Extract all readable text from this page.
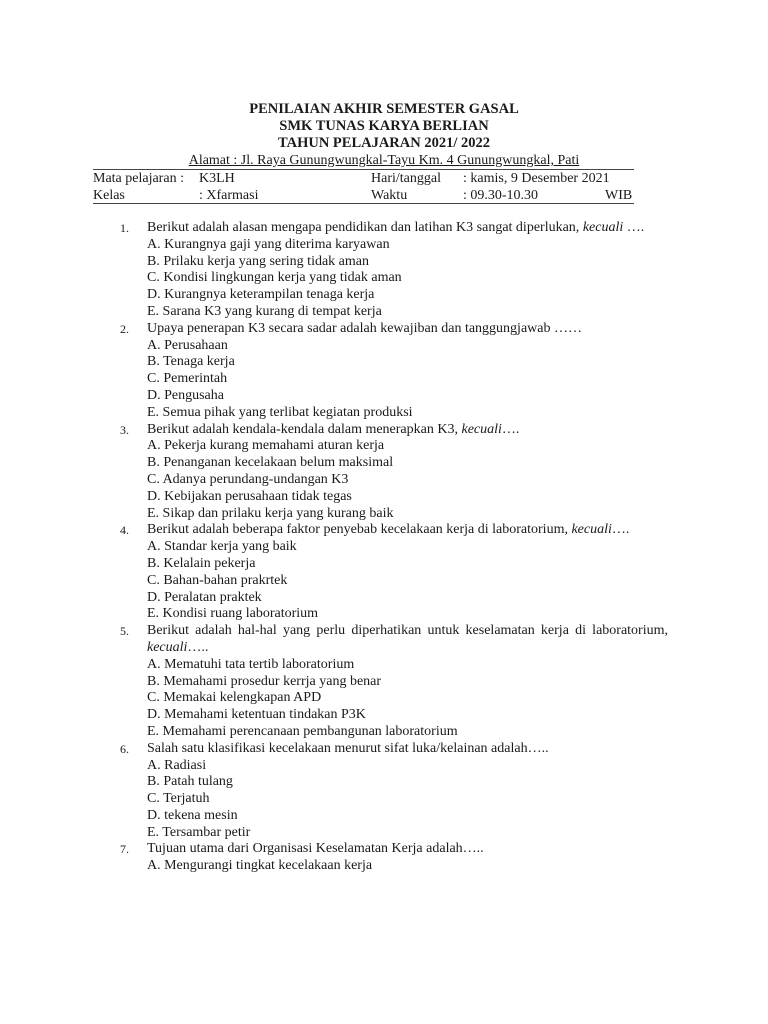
PENILAIAN AKHIR SEMESTER GASAL
SMK TUNAS KARYA BERLIAN
TAHUN PELAJARAN 2021/ 2022
Alamat : Jl. Raya Gunungwungkal-Tayu Km. 4 Gunungwungkal, Pati
Mata pelajaran : K3LH	Hari/tanggal : kamis, 9 Desember 2021
Kelas	: Xfarmasi	Waktu	: 09.30-10.30	WIB
1. Berikut adalah alasan mengapa pendidikan dan latihan K3 sangat diperlukan, kecuali ….
A. Kurangnya gaji yang diterima karyawan
B. Prilaku kerja yang sering tidak aman
C. Kondisi lingkungan kerja yang tidak aman
D. Kurangnya keterampilan tenaga kerja
E. Sarana K3 yang kurang di tempat kerja
2. Upaya penerapan K3 secara sadar adalah kewajiban dan tanggungjawab ……
A. Perusahaan
B. Tenaga kerja
C. Pemerintah
D. Pengusaha
E. Semua pihak yang terlibat kegiatan produksi
3. Berikut adalah kendala-kendala dalam menerapkan K3, kecuali….
A. Pekerja kurang memahami aturan kerja
B. Penanganan kecelakaan belum maksimal
C. Adanya perundang-undangan K3
D. Kebijakan perusahaan tidak tegas
E. Sikap dan prilaku kerja yang kurang baik
4. Berikut adalah beberapa faktor penyebab kecelakaan kerja di laboratorium, kecuali….
A. Standar kerja yang baik
B. Kelalain pekerja
C. Bahan-bahan prakrtek
D. Peralatan praktek
E. Kondisi ruang laboratorium
5. Berikut adalah hal-hal yang perlu diperhatikan untuk keselamatan kerja di laboratorium, kecuali…..
A. Mematuhi tata tertib laboratorium
B. Memahami prosedur kerrja yang benar
C. Memakai kelengkapan APD
D. Memahami ketentuan tindakan P3K
E. Memahami perencanaan pembangunan laboratorium
6. Salah satu klasifikasi kecelakaan menurut sifat luka/kelainan adalah…..
A. Radiasi
B. Patah tulang
C. Terjatuh
D. tekena mesin
E. Tersambar petir
7. Tujuan utama dari Organisasi Keselamatan Kerja adalah…..
A. Mengurangi tingkat kecelakaan kerja
